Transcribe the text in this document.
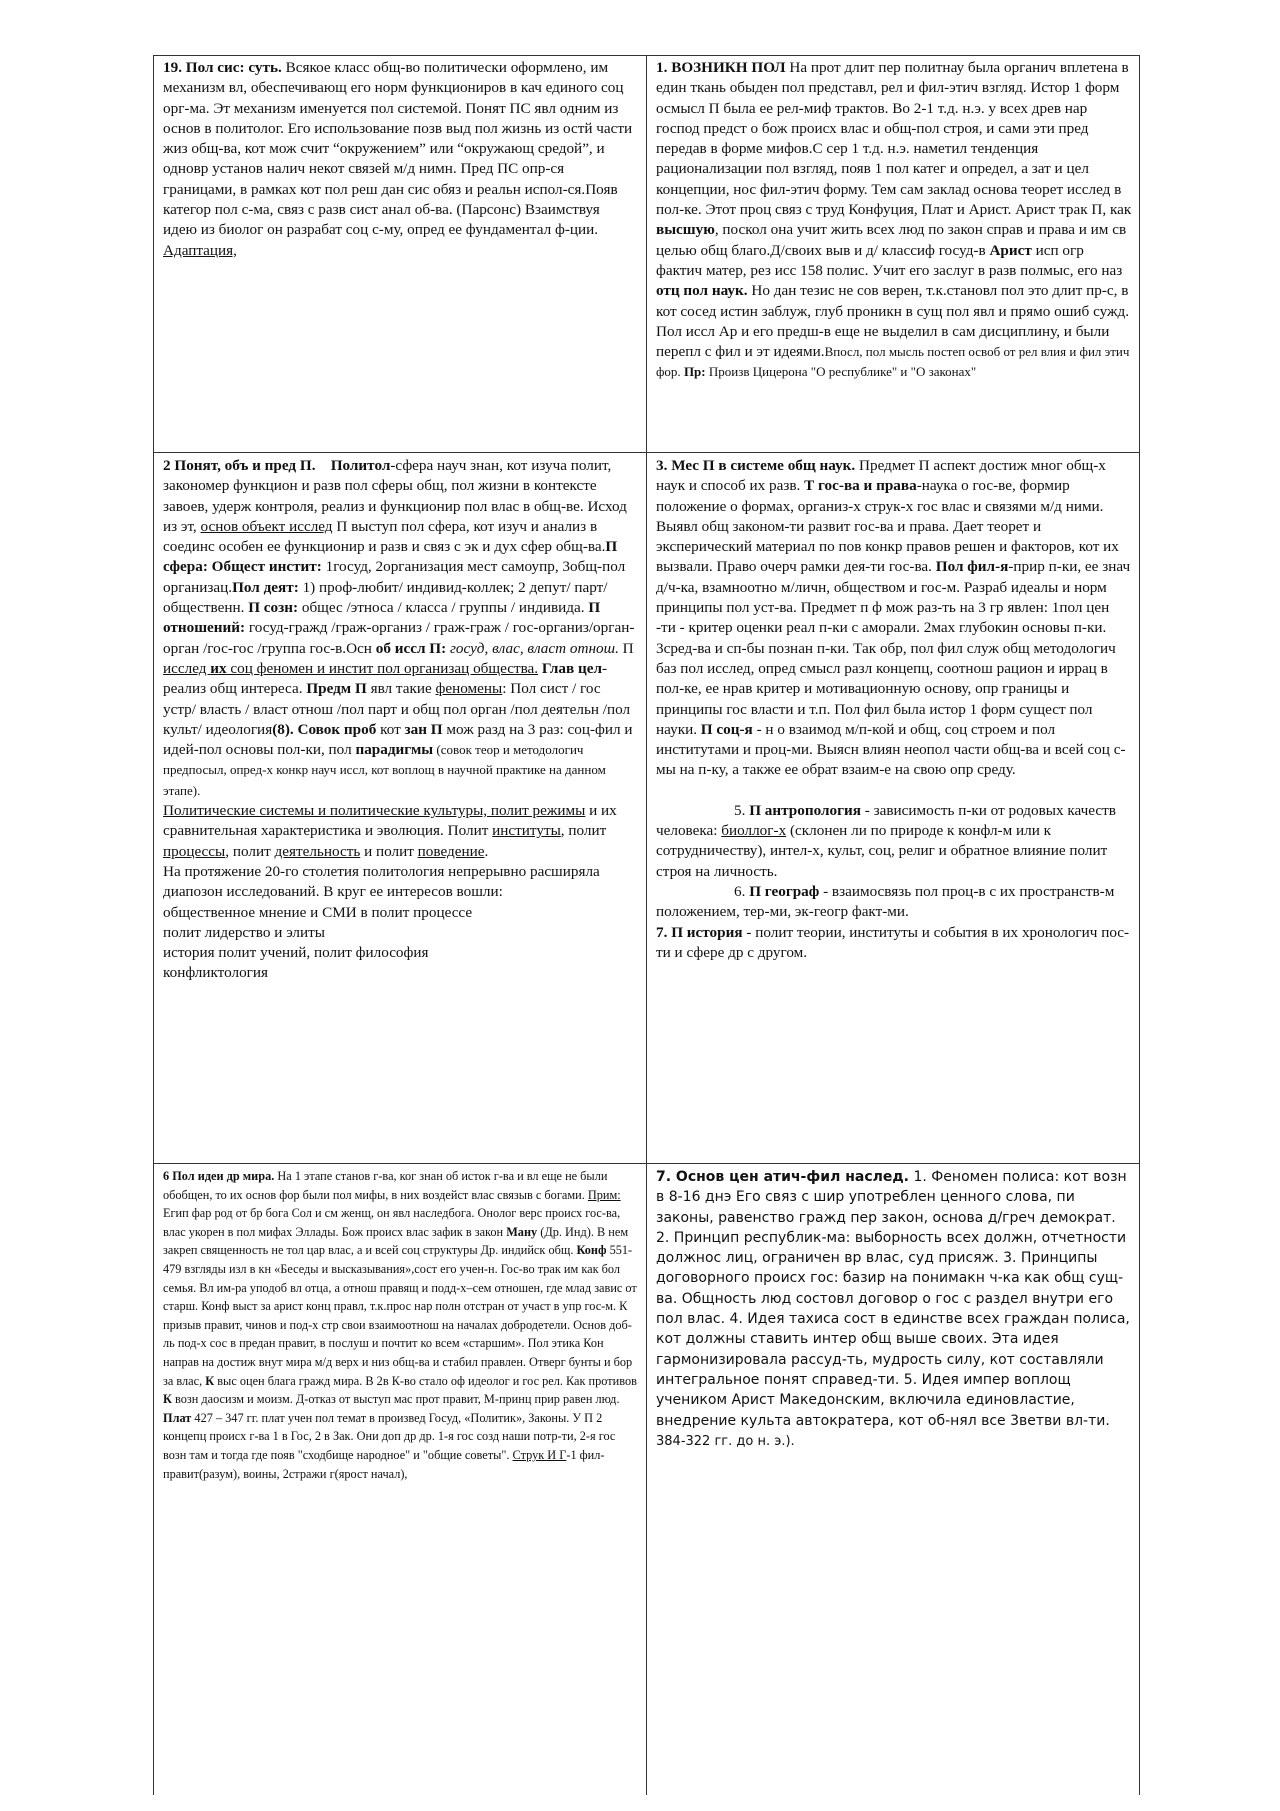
19. Пол сис: суть. Всякое класс общ-во политически оформлено, им механизм вл, обеспечивающ его норм функциониров в кач единого соц орг-ма. Эт механизм именуется пол системой. Понят ПС явл одним из основ в политолог. Его использование позв выд пол жизнь из остй части жиз общ-ва, кот мож счит “окружением” или “окружающ средой”, и одновр установ налич некот связей м/д нимн. Пред ПС опр-ся границами, в рамках кот пол реш дан сис обяз и реальн испол-ся.Появ категор пол с-ма, связ с разв сист анал об-ва. (Парсонс) Взаимствуя идею из биолог он разрабат соц с-му, опред ее фундаментал ф-ции. Адаптация,

1. ВОЗНИКН ПОЛ На прот длит пер политнау была органич вплетена в един ткань обыден пол представл, рел и фил-этич взгляд. Истор 1 форм осмысл П была ее рел-миф трактов. Во 2-1 т.д. н.э. у всех древ нар господ предст о бож происх влас и общ-пол строя, и сами эти пред передав в форме мифов.С сер 1 т.д. н.э. наметил тенденция рационализации пол взгляд, появ 1 пол катег и определ, а зат и цел концепции, нос фил-этич форму. Тем сам заклад основа теорет исслед в пол-ке. Этот проц связ с труд Конфуция, Плат и Арист. Арист трак П, как высшую, поскол она учит жить всех люд по закон справ и права и им св целью общ благо.Д/своих выв и д/ классиф госуд-в Арист исп огр фактич матер, рез исс 158 полис. Учит его заслуг в разв полмыс, его наз отц пол наук. Но дан тезис не сов верен, т.к.становл пол это длит пр-с, в кот сосед истин заблуж, глуб проникн в сущ пол явл и прямо ошиб сужд. Пол иссл Ар и его предш-в еще не выделил в сам дисциплину, и были перепл с фил и эт идеями.Впосл, пол мысль постеп освоб от рел влия и фил этич фор. Пр: Произв Цицерона "О республике" и "О законах"

2 Понят, объ и пред П. Политол-сфера науч знан, кот изуча полит, закономер функцион и разв пол сферы общ, пол жизни в контексте завоев, удерж контроля, реализ и функционир пол влас в общ-ве. Исход из эт, основ объект исслед П выступ пол сфера, кот изуч и анализ в соединс особен ее функционир и разв и связ с эк и дух сфер общ-ва.П сфера: Общест инстит: 1госуд, 2организация мест самоупр, 3общ-пол организац.Пол деят: 1) проф-любит/ индивид-коллек; 2 депут/ парт/ общественн. П созн: общес /этноса / класса / группы / индивида. П отношений: госуд-гражд /граж-организ / граж-граж / гос-организ/орган-орган /гос-гос /группа гос-в.Осн об иссл П: госуд, влас, власт отнош. П исслед их соц феномен и инстит пол организац общества. Глав цел-реализ общ интереса. Предм П явл такие феномены: Пол сист / гос устр/ власть / власт отнош /пол парт и общ пол орган /пол деятельн /пол культ/ идеология(8). Совок проб кот зан П мож разд на 3 раз: соц-фил и идей-пол основы пол-ки, пол парадигмы (совок теор и методологич предпосыл, опред-х конкр науч иссл, кот воплощ в научной практике на данном этапе).

Политические системы и политические культуры, полит режимы и их сравнительная характеристика и эволюция. Полит институты, полит процессы, полит деятельность и полит поведение.

На протяжение 20-го столетия политология непрерывно расширяла диапозон исследований. В круг ее интересов вошли:

общественное мнение и СМИ в полит процессе

полит лидерство и элиты

история полит учений, полит философия

конфликтология

3. Мес П в системе общ наук. Предмет П аспект достиж мног общ-х наук и способ их разв. Т гос-ва и права-наука о гос-ве, формир положение о формах, организ-х струк-х гос влас и связями м/д ними. Выявл общ законом-ти развит гос-ва и права. Дает теорет и эксперический материал по пов конкр правов решен и факторов, кот их вызвали. Право очерч рамки дея-ти гос-ва. Пол фил-я-прир п-ки, ее знач д/ч-ка, взамноотно м/личн, обществом и гос-м. Разраб идеалы и норм принципы пол уст-ва. Предмет п ф мож раз-ть на 3 гр явлен: 1пол цен -ти - критер оценки реал п-ки с аморали. 2мах глубокин основы п-ки. 3сред-ва и сп-бы познан п-ки. Так обр, пол фил служ общ методологич баз пол исслед, опред смысл разл концепц, соотнош рацион и иррац в пол-ке, ее нрав критер и мотивационную основу, опр границы и принципы гос власти и т.п. Пол фил была истор 1 форм сущест пол науки. П соц-я - н о взаимод м/п-кой и общ, соц строем и пол институтами и проц-ми. Выясн влиян неопол части общ-ва и всей соц с-мы на п-ку, а также ее обрат взаим-е на свою опр среду.

5. П антропология - зависимость п-ки от родовых качеств человека: биоллог-х (склонен ли по природе к конфл-м или к сотрудничеству), интел-х, культ, соц, религ и обратное влияние полит строя на личность.

6. П географ - взаимосвязь пол проц-в с их пространств-м положением, тер-ми, эк-геогр факт-ми.

7. П история - полит теории, институты и события в их хронологич пос-ти и сфере др с другом.

6 Пол идеи др мира. На 1 этапе станов г-ва, ког знан об исток г-ва и вл еще не были обобщен, то их основ фор были пол мифы, в них воздейст влас связыв с богами. Прим: Егип фар род от бр бога Сол и см женщ, он явл наследбога. Онолог верс происх гос-ва, влас укорен в пол мифах Эллады. Бож происх влас зафик в закон Ману (Др. Инд). В нем закреп священность не тол цар влас, а и всей соц структуры Др. индийск общ. Конф 551-479 взгляды изл в кн «Беседы и высказывания»,сост его учен-н. Гос-во трак им как бол семья. Вл им-ра уподоб вл отца, а отнош правящ и подд-х–сем отношен, где млад завис от старш. Конф выст за арист конц правл, т.к.прос нар полн отстран от участ в упр гос-м. К призыв правит, чинов и под-х стр свои взаимоотнош на началах добродетели. Основ доб-ль под-х сос в предан правит, в послуш и почтит ко всем «старшим». Пол этика Кон направ на достиж внут мира м/д верх и низ общ-ва и стабил правлен. Отверг бунты и бор за влас, К выс оцен блага гражд мира. В 2в К-во стало оф идеолог и гос рел. Как противов К возн даосизм и моизм. Д-отказ от выступ мас прот правит, М-принц прир равен люд. Плат 427 – 347 гг. плат учен пол темат в произвед Госуд, «Политик», Законы. У П 2 концепц происх г-ва 1 в Гос, 2 в Зак. Они доп др др. 1-я гос созд наши потр-ти, 2-я гос возн там и тогда где появ "сходбище народное" и "общие советы". Струк И Г-1 фил-правит(разум), воины, 2стражи г(ярост начал),

7. Основ цен атич-фил наслед. 1. Феномен полиса: кот возн в 8-16 днэ Его связ с шир употреблен ценного слова, пи законы, равенство гражд пер закон, основа д/греч демократ. 2. Принцип республик-ма: выборность всех должн, отчетности должнос лиц, ограничен вр влас, суд присяж. 3. Принципы договорного происх гос: базир на понимакн ч-ка как общ сущ-ва. Общность люд состовл договор о гос с раздел внутри его пол влас. 4. Идея тахиса сост в единстве всех граждан полиса, кот должны ставить интер общ выше своих. Эта идея гармонизировала рассуд-ть, мудрость силу, кот составляли интегральное понят справед-ти. 5. Идея импер воплощ учеником Арист Македонским, включила единовластие, внедрение культа автократера, кот об-нял все 3ветви вл-ти. 384-322 гг. до н. э.).
